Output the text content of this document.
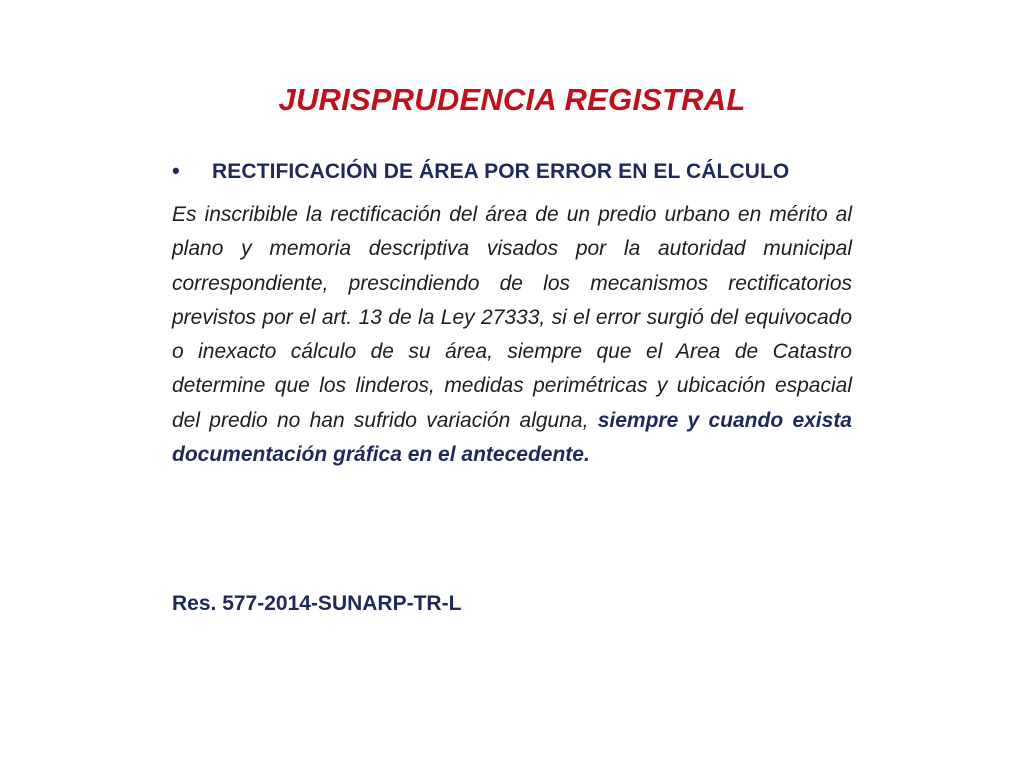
JURISPRUDENCIA REGISTRAL
•	RECTIFICACIÓN DE ÁREA POR ERROR EN EL CÁLCULO

Es inscribible la rectificación del área de un predio urbano en mérito al plano y memoria descriptiva visados por la autoridad municipal correspondiente, prescindiendo de los mecanismos rectificatorios previstos por el art. 13 de la Ley 27333, si el error surgió del equivocado o inexacto cálculo de su área, siempre que el Area de Catastro determine que los linderos, medidas perimétricas y ubicación espacial del predio no han sufrido variación alguna, siempre y cuando exista documentación gráfica en el antecedente.

Res. 577-2014-SUNARP-TR-L
